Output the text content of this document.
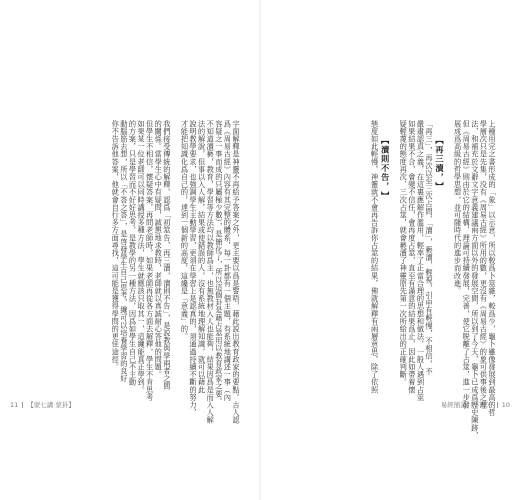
字面解釋是神靈不再給予答案之外，更主要以爲是警唔，藉此説出教育政家的要點。古人認
爲《周易古經》內容有其完整的體系，每一卦都有一個主題，有系統地講述一事（內
容疑之一事而成的只屬極少數），是簡化了，所以這個卦是藉占筮用以教育政家之要。
不知道瀆褻，教育，學習等方法均以教師爲主，也無教材入人也能夠，結果因爲是而入人解
法的解說，但事以入人解，結果或使錯誤的人，沒有系統地理解知識，就可以藉此
說明教學要求，也強調學生主動學習，更須在學習上是認真的，須通過持續不斷的努力，
才能把知識化爲自己的，達到一個新的高度，這纔是「意義」的。
我們接受傳統的解釋，認爲「初筮告，再三瀆，瀆則不告」，是説教與學兩者之間
的關係。當學生心中有疑問，誠懇地求教時，老師就以真誠耐心答他的問題。
但學生不相信，懷疑答案，再問老師時，如果老師再從各方面去解釋，學生不肯思考
如果某一位老師可以同時講授多種方法，學生就應該只取其一，這纔能真正學到。
的方案，只是學習而不好好思考，是教學的另一種方法，因爲如學生自己不主動
動腦筋去想，所以「不答之答」，是啓發學生自己思考，纔可以培養學習的良好
你不告訴他答案，他就會自行多方面尋找，這可能是獲得學問的更佳途徑。
11 【蒙七講 蒙卦】	上種用完之書形成的「象」以示意，所以較爲卜筮雜，較爲少，龜卜雖像發展到最高的哲
學層次只是先集，没有《周易古經》所用的數，更沒有《周易古經》的象可供事後之理
法，和補充於文辭文字意義建議兩方面以外的發展空間，所以到了今天，龜卜已成爲歷史陳跡，
但《周易古經》則由於它的結構，理論可持續發展，完善，使它脱離了占筮，進一步發
展成爲高級的哲學思想，並可隨時代的進步而改進。
【再三瀆，】
「再三」，再次以至三次占問，「瀆」，褻瀆，輕視，引申有輕慢，不相信，不
嚴肅認真之義，在這裏應解作濫用，輕率了正當合理的思想和做法，一般人遇到占筮
如果結果不合，會變不信任，會再度占筮，直至有滿意的結果爲止，因此如帶着懷
疑輕蔑的態度再次、三次占筮，就會褻瀆了神靈原先第一次所給出的正確判斷。
【瀆則不告，】
態度如此輕慢，神靈就不會再告訴你占筮的結果，佛就解釋有兩層意思，除了依照
易經簡論（下冊） 10
